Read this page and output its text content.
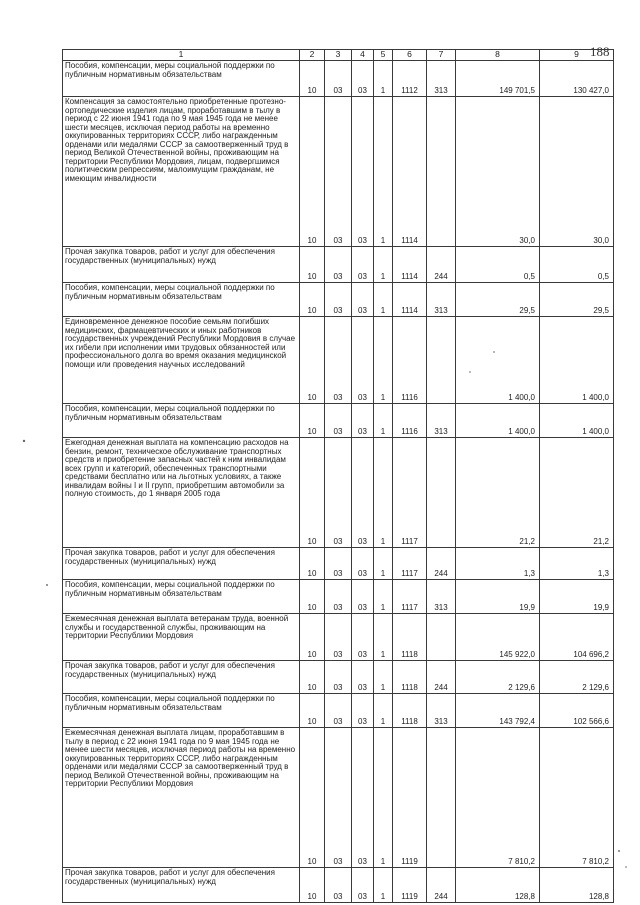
188
1	2	3	4	5	6	7	8	9
Пособия, компенсации, меры социальной поддержки по публичным нормативным обязательствам	10	03	03	1	1112	313	149 701,5	130 427,0
Компенсация за самостоятельно приобретенные протезно-ортопедические изделия лицам, проработавшим в тылу в период с 22 июня 1941 года по 9 мая 1945 года не менее шести месяцев, исключая период работы на временно оккупированных территориях СССР, либо награжденным орденами или медалями СССР за самоотверженный труд в период Великой Отечественной войны, проживающим на территории Республики Мордовия, лицам, подвергшимся политическим репрессиям, малоимущим гражданам, не имеющим инвалидности	10	03	03	1	1114		30,0	30,0
Прочая закупка товаров, работ и услуг для обеспечения государственных (муниципальных) нужд	10	03	03	1	1114	244	0,5	0,5
Пособия, компенсации, меры социальной поддержки по публичным нормативным обязательствам	10	03	03	1	1114	313	29,5	29,5
Единовременное денежное пособие семьям погибших медицинских, фармацевтических и иных работников государственных учреждений Республики Мордовия в случае их гибели при исполнении ими трудовых обязанностей или профессионального долга во время оказания медицинской помощи или проведения научных исследований	10	03	03	1	1116		1 400,0	1 400,0
Пособия, компенсации, меры социальной поддержки по публичным нормативным обязательствам	10	03	03	1	1116	313	1 400,0	1 400,0
Ежегодная денежная выплата на компенсацию расходов на бензин, ремонт, техническое обслуживание транспортных средств и приобретение запасных частей к ним инвалидам всех групп и категорий, обеспеченных транспортными средствами бесплатно или на льготных условиях, а также инвалидам войны I и II групп, приобретшим автомобили за полную стоимость, до 1 января 2005 года	10	03	03	1	1117		21,2	21,2
Прочая закупка товаров, работ и услуг для обеспечения государственных (муниципальных) нужд	10	03	03	1	1117	244	1,3	1,3
Пособия, компенсации, меры социальной поддержки по публичным нормативным обязательствам	10	03	03	1	1117	313	19,9	19,9
Ежемесячная денежная выплата ветеранам труда, военной службы и государственной службы, проживающим на территории Республики Мордовия	10	03	03	1	1118		145 922,0	104 696,2
Прочая закупка товаров, работ и услуг для обеспечения государственных (муниципальных) нужд	10	03	03	1	1118	244	2 129,6	2 129,6
Пособия, компенсации, меры социальной поддержки по публичным нормативным обязательствам	10	03	03	1	1118	313	143 792,4	102 566,6
Ежемесячная денежная выплата лицам, проработавшим в тылу в период с 22 июня 1941 года по 9 мая 1945 года не менее шести месяцев, исключая период работы на временно оккупированных территориях СССР, либо награжденным орденами или медалями СССР за самоотверженный труд в период Великой Отечественной войны, проживающим на территории Республики Мордовия	10	03	03	1	1119		7 810,2	7 810,2
Прочая закупка товаров, работ и услуг для обеспечения государственных (муниципальных) нужд	10	03	03	1	1119	244	128,8	128,8
